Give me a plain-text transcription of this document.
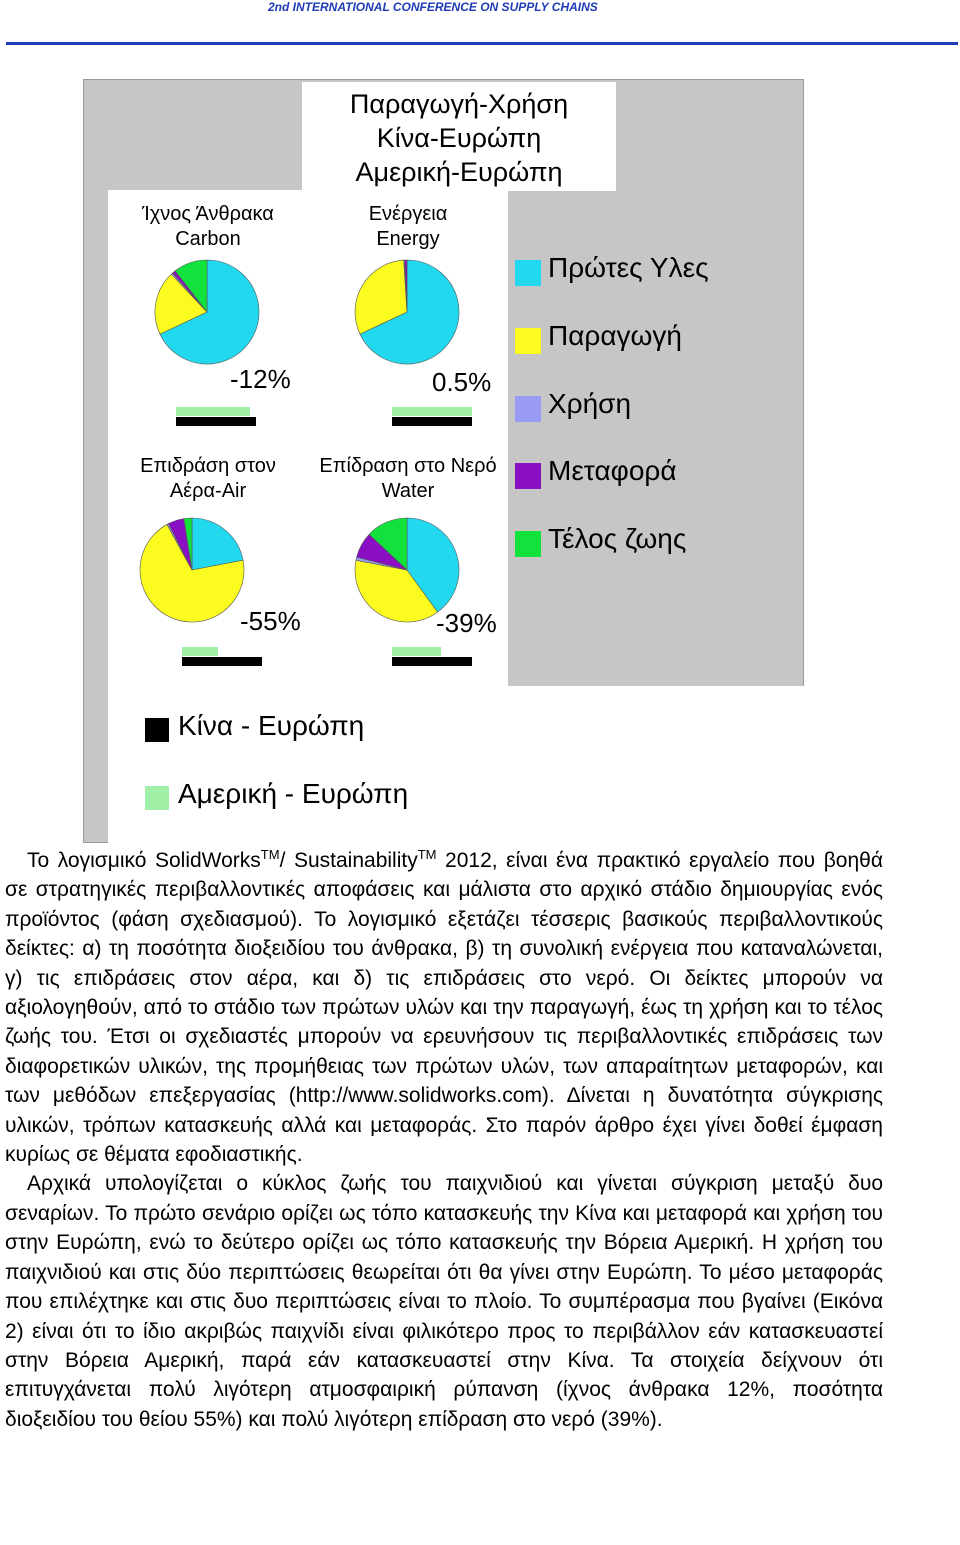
2nd INTERNATIONAL CONFERENCE ON SUPPLY CHAINS
Παραγωγή-Χρήση
Κίνα-Ευρώπη
Αμερική-Ευρώπη
Ίχνος Άνθρακα
Carbon
-12%
Ενέργεια
Energy
0.5%
Επιδράση στον
Αέρα-Air
-55%
Επίδραση στο Νερό
Water
-39%
Πρώτες Υλες
Παραγωγή
Χρήση
Μεταφορά
Τέλος ζωης
Κίνα - Ευρώπη
Αμερική - Ευρώπη

Το λογισμικό SolidWorks™/ Sustainability™ 2012, είναι ένα πρακτικό εργαλείο που βοηθά σε στρατηγικές περιβαλλοντικές αποφάσεις και μάλιστα στο αρχικό στάδιο δημιουργίας ενός προϊόντος (φάση σχεδιασμού). Το λογισμικό εξετάζει τέσσερις βασικούς περιβαλλοντικούς δείκτες: α) τη ποσότητα διοξειδίου του άνθρακα, β) τη συνολική ενέργεια που καταναλώνεται, γ) τις επιδράσεις στον αέρα, και δ) τις επιδράσεις στο νερό. Οι δείκτες μπορούν να αξιολογηθούν, από το στάδιο των πρώτων υλών και την παραγωγή, έως τη χρήση και το τέλος ζωής του. Έτσι οι σχεδιαστές μπορούν να ερευνήσουν τις περιβαλλοντικές επιδράσεις των διαφορετικών υλικών, της προμήθειας των πρώτων υλών, των απαραίτητων μεταφορών, και των μεθόδων επεξεργασίας (http://www.solidworks.com). Δίνεται η δυνατότητα σύγκρισης υλικών, τρόπων κατασκευής αλλά και μεταφοράς. Στο παρόν άρθρο έχει γίνει δοθεί έμφαση κυρίως σε θέματα εφοδιαστικής.

Αρχικά υπολογίζεται ο κύκλος ζωής του παιχνιδιού και γίνεται σύγκριση μεταξύ δυο σεναρίων. Το πρώτο σενάριο ορίζει ως τόπο κατασκευής την Κίνα και μεταφορά και χρήση του στην Ευρώπη, ενώ το δεύτερο ορίζει ως τόπο κατασκευής την Βόρεια Αμερική. Η χρήση του παιχνιδιού και στις δύο περιπτώσεις θεωρείται ότι θα γίνει στην Ευρώπη. Το μέσο μεταφοράς που επιλέχτηκε και στις δυο περιπτώσεις είναι το πλοίο. Το συμπέρασμα που βγαίνει (Εικόνα 2) είναι ότι το ίδιο ακριβώς παιχνίδι είναι φιλικότερο προς το περιβάλλον εάν κατασκευαστεί στην Βόρεια Αμερική, παρά εάν κατασκευαστεί στην Κίνα. Τα στοιχεία δείχνουν ότι επιτυγχάνεται πολύ λιγότερη ατμοσφαιρική ρύπανση (ίχνος άνθρακα 12%, ποσότητα διοξειδίου του θείου 55%) και πολύ λιγότερη επίδραση στο νερό (39%).
